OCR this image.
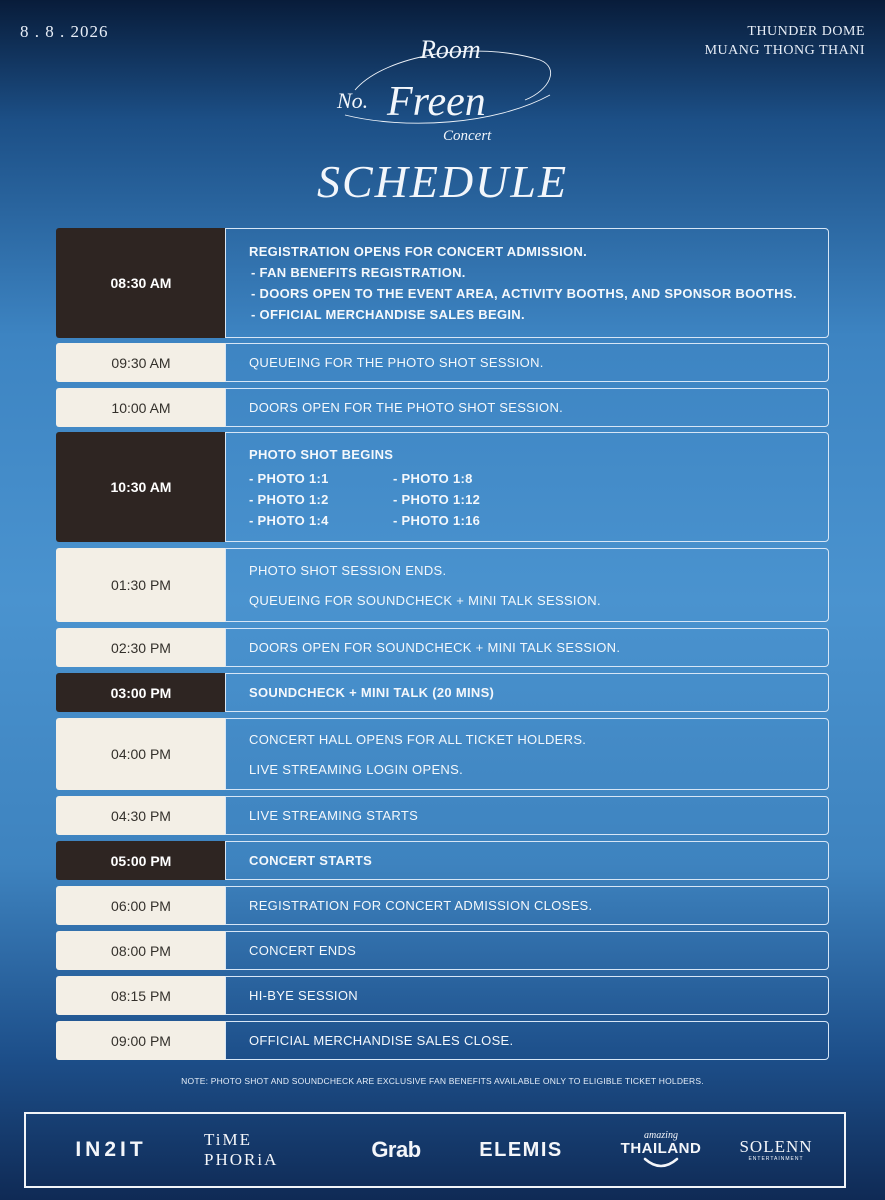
8 . 8 . 2026	THUNDER DOME
MUANG THONG THANI
Room
No. Freen
Concert
SCHEDULE
08:30 AM
REGISTRATION OPENS FOR CONCERT ADMISSION.
- FAN BENEFITS REGISTRATION.
- DOORS OPEN TO THE EVENT AREA, ACTIVITY BOOTHS, AND SPONSOR BOOTHS.
- OFFICIAL MERCHANDISE SALES BEGIN.
09:30 AM	QUEUEING FOR THE PHOTO SHOT SESSION.
10:00 AM	DOORS OPEN FOR THE PHOTO SHOT SESSION.
10:30 AM
PHOTO SHOT BEGINS
- PHOTO 1:1	- PHOTO 1:8
- PHOTO 1:2	- PHOTO 1:12
- PHOTO 1:4	- PHOTO 1:16
01:30 PM
PHOTO SHOT SESSION ENDS.
QUEUEING FOR SOUNDCHECK + MINI TALK SESSION.
02:30 PM	DOORS OPEN FOR SOUNDCHECK + MINI TALK SESSION.
03:00 PM	SOUNDCHECK + MINI TALK (20 MINS)
04:00 PM
CONCERT HALL OPENS FOR ALL TICKET HOLDERS.
LIVE STREAMING LOGIN OPENS.
04:30 PM	LIVE STREAMING STARTS
05:00 PM	CONCERT STARTS
06:00 PM	REGISTRATION FOR CONCERT ADMISSION CLOSES.
08:00 PM	CONCERT ENDS
08:15 PM	HI-BYE SESSION
09:00 PM	OFFICIAL MERCHANDISE SALES CLOSE.
NOTE: PHOTO SHOT AND SOUNDCHECK ARE EXCLUSIVE FAN BENEFITS AVAILABLE ONLY TO ELIGIBLE TICKET HOLDERS.
IN2IT	TiME PHORiA	Grab	ELEMIS
amazing
THAILAND SOLENN
ENTERTAINMENT
